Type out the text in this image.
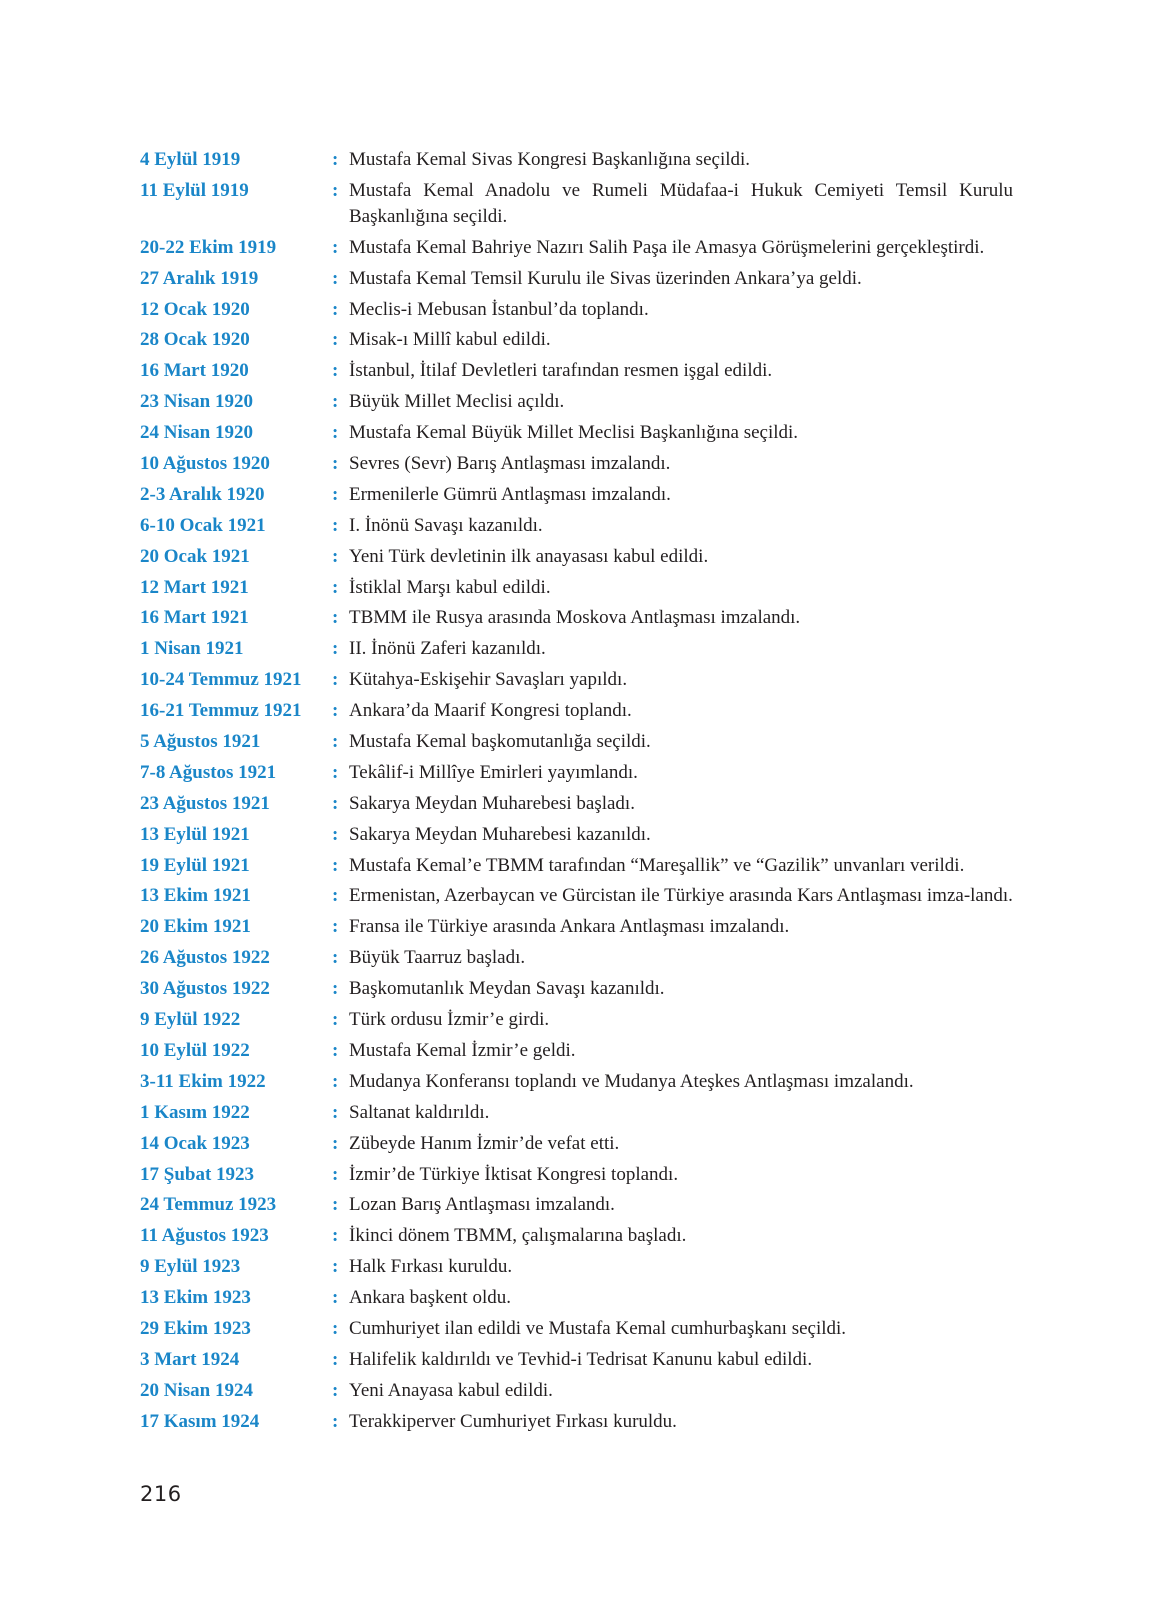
4 Eylül 1919	: Mustafa Kemal Sivas Kongresi Başkanlığına seçildi.
11 Eylül 1919	: Mustafa Kemal Anadolu ve Rumeli Müdafaa-i Hukuk Cemiyeti Temsil Kurulu Başkanlığına seçildi.
20-22 Ekim 1919	: Mustafa Kemal Bahriye Nazırı Salih Paşa ile Amasya Görüşmelerini gerçekleştirdi.
27 Aralık 1919	: Mustafa Kemal Temsil Kurulu ile Sivas üzerinden Ankara’ya geldi.
12 Ocak 1920	: Meclis-i Mebusan İstanbul’da toplandı.
28 Ocak 1920	: Misak-ı Millî kabul edildi.
16 Mart 1920	: İstanbul, İtilaf Devletleri tarafından resmen işgal edildi.
23 Nisan 1920	: Büyük Millet Meclisi açıldı.
24 Nisan 1920	: Mustafa Kemal Büyük Millet Meclisi Başkanlığına seçildi.
10 Ağustos 1920	: Sevres (Sevr) Barış Antlaşması imzalandı.
2-3 Aralık 1920	: Ermenilerle Gümrü Antlaşması imzalandı.
6-10 Ocak 1921	: I. İnönü Savaşı kazanıldı.
20 Ocak 1921	: Yeni Türk devletinin ilk anayasası kabul edildi.
12 Mart 1921	: İstiklal Marşı kabul edildi.
16 Mart 1921	: TBMM ile Rusya arasında Moskova Antlaşması imzalandı.
1 Nisan 1921	: II. İnönü Zaferi kazanıldı.
10-24 Temmuz 1921	: Kütahya-Eskişehir Savaşları yapıldı.
16-21 Temmuz 1921	: Ankara’da Maarif Kongresi toplandı.
5 Ağustos 1921	: Mustafa Kemal başkomutanlığa seçildi.
7-8 Ağustos 1921	: Tekâlif-i Millîye Emirleri yayımlandı.
23 Ağustos 1921	: Sakarya Meydan Muharebesi başladı.
13 Eylül 1921	: Sakarya Meydan Muharebesi kazanıldı.
19 Eylül 1921	: Mustafa Kemal’e TBMM tarafından “Mareşallik” ve “Gazilik” unvanları verildi.
13 Ekim 1921	: Ermenistan, Azerbaycan ve Gürcistan ile Türkiye arasında Kars Antlaşması imza-landı.
20 Ekim 1921	: Fransa ile Türkiye arasında Ankara Antlaşması imzalandı.
26 Ağustos 1922	: Büyük Taarruz başladı.
30 Ağustos 1922	: Başkomutanlık Meydan Savaşı kazanıldı.
9 Eylül 1922	: Türk ordusu İzmir’e girdi.
10 Eylül 1922	: Mustafa Kemal İzmir’e geldi.
3-11 Ekim 1922	: Mudanya Konferansı toplandı ve Mudanya Ateşkes Antlaşması imzalandı.
1 Kasım 1922	: Saltanat kaldırıldı.
14 Ocak 1923	: Zübeyde Hanım İzmir’de vefat etti.
17 Şubat 1923	: İzmir’de Türkiye İktisat Kongresi toplandı.
24 Temmuz 1923	: Lozan Barış Antlaşması imzalandı.
11 Ağustos 1923	: İkinci dönem TBMM, çalışmalarına başladı.
9 Eylül 1923	: Halk Fırkası kuruldu.
13 Ekim 1923	: Ankara başkent oldu.
29 Ekim 1923	: Cumhuriyet ilan edildi ve Mustafa Kemal cumhurbaşkanı seçildi.
3 Mart 1924	: Halifelik kaldırıldı ve Tevhid-i Tedrisat Kanunu kabul edildi.
20 Nisan 1924	: Yeni Anayasa kabul edildi.
17 Kasım 1924	: Terakkiperver Cumhuriyet Fırkası kuruldu.
216
